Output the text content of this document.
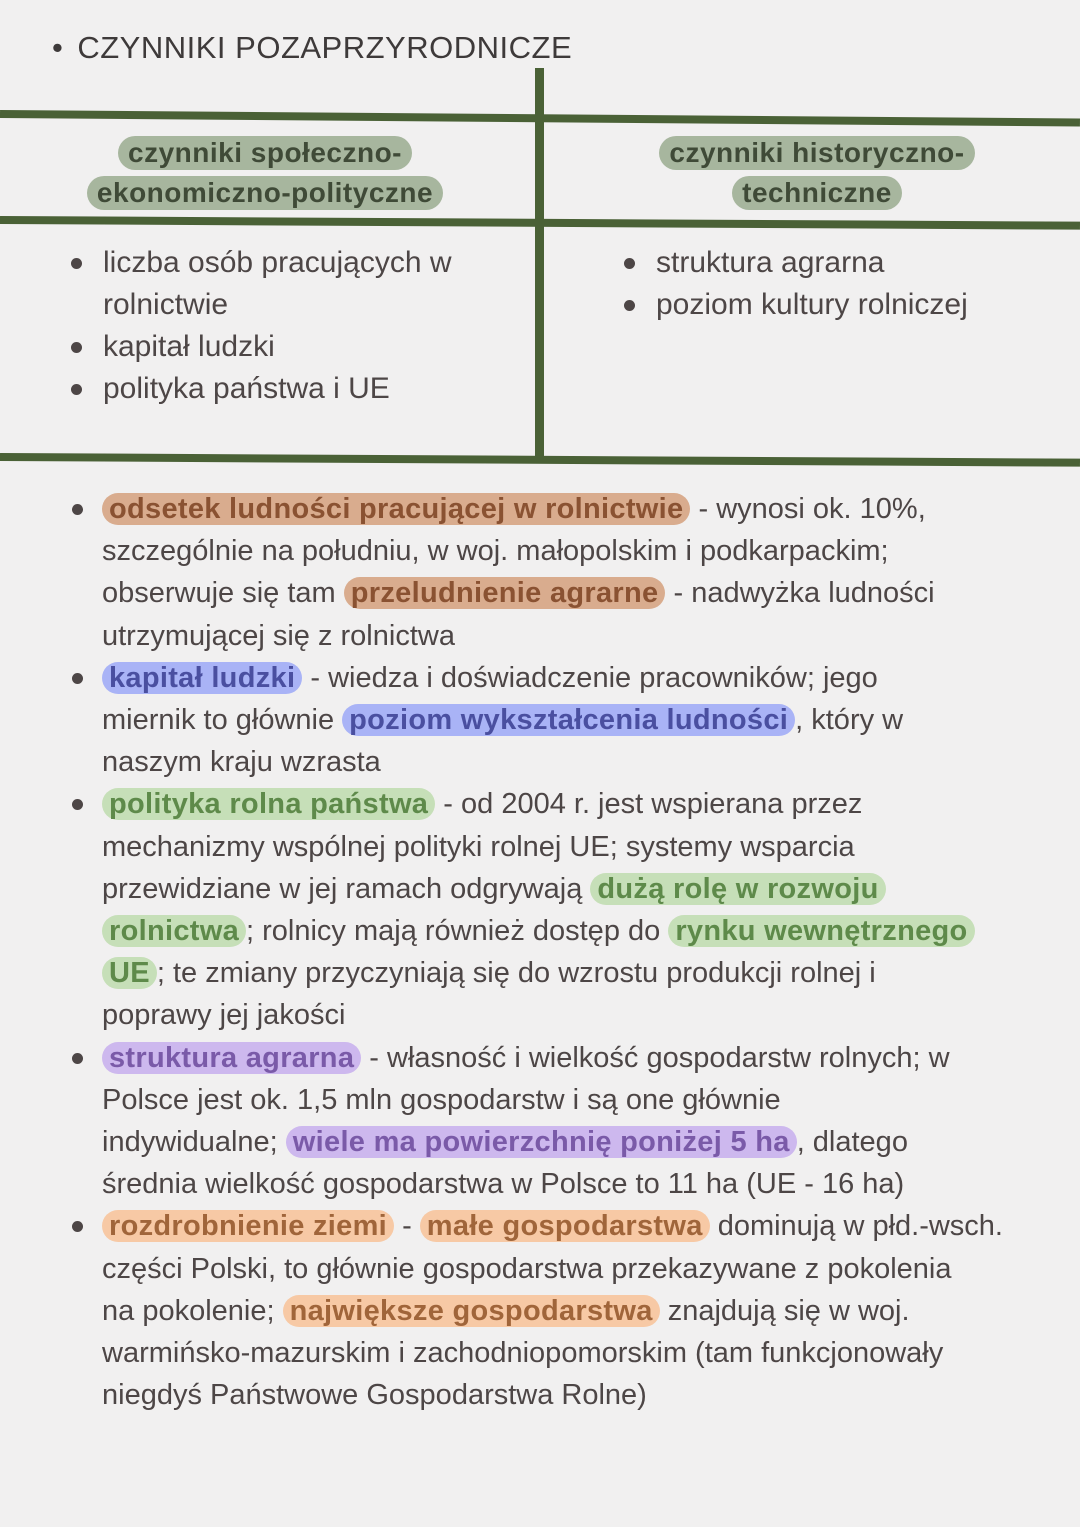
• CZYNNIKI POZAPRZYRODNICZE
czynniki społeczno-
ekonomiczno-polityczne
czynniki historyczno-
techniczne
liczba osób pracujących w
rolnictwie
kapitał ludzki
polityka państwa i UE
struktura agrarna
poziom kultury rolniczej
odsetek ludności pracującej w rolnictwie - wynosi ok. 10%,
szczególnie na południu, w woj. małopolskim i podkarpackim;
obserwuje się tam przeludnienie agrarne - nadwyżka ludności
utrzymującej się z rolnictwa
kapitał ludzki - wiedza i doświadczenie pracowników; jego
miernik to głównie poziom wykształcenia ludności , który w
naszym kraju wzrasta
polityka rolna państwa - od 2004 r. jest wspierana przez
mechanizmy wspólnej polityki rolnej UE; systemy wsparcia
przewidziane w jej ramach odgrywają dużą rolę w rozwoju
rolnictwa ; rolnicy mają również dostęp do rynku wewnętrznego
UE ; te zmiany przyczyniają się do wzrostu produkcji rolnej i
poprawy jej jakości
struktura agrarna - własność i wielkość gospodarstw rolnych; w
Polsce jest ok. 1,5 mln gospodarstw i są one głównie
indywidualne; wiele ma powierzchnię poniżej 5 ha , dlatego
średnia wielkość gospodarstwa w Polsce to 11 ha (UE - 16 ha)
rozdrobnienie ziemi - małe gospodarstwa dominują w płd.-wsch.
części Polski, to głównie gospodarstwa przekazywane z pokolenia
na pokolenie; największe gospodarstwa znajdują się w woj.
warmińsko-mazurskim i zachodniopomorskim (tam funkcjonowały
niegdyś Państwowe Gospodarstwa Rolne)
